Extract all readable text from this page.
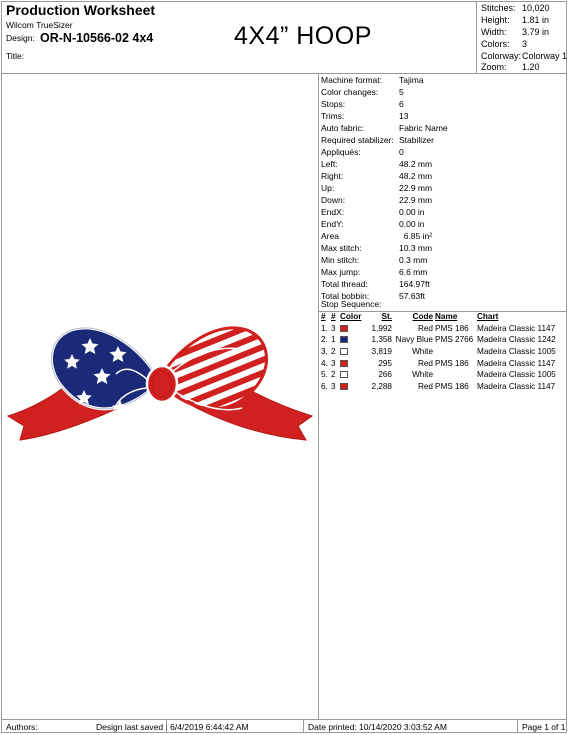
Production Worksheet
Wilcom TrueSizer
Design: OR-N-10566-02 4x4
Title:
4X4” HOOP
Stitches: 10,020
Height: 1.81 in
Width: 3.79 in
Colors: 3
Colorway: Colorway 1
Zoom: 1.20
Machine format: Tajima
Color changes: 5
Stops:	6
Trims:	13
Auto fabric:	Fabric Name
Required stabilizer: Stabilizer
Appliqués:	0
Left:	48.2 mm
Right:	48.2 mm
Up:	22.9 mm
Down:	22.9 mm
EndX:	0.00 in
EndY:	0.00 in
Area	6.85 in²
Max stitch:	10.3 mm
Min stitch:	0.3 mm
Max jump:	6.6 mm
Total thread:	164.97ft
Total bobbin:	57.63ft
Stop Sequence:
#	#	Color	St.	Code	Name	Chart
1.	3		1,992	Red	PMS 186	Madeira Classic 1147
2.	1		1,358	Navy Blue	PMS 2766	Madeira Classic 1242
3.	2		3,819	White		Madeira Classic 1005
4.	3		295	Red	PMS 186	Madeira Classic 1147
5.	2		266	White		Madeira Classic 1005
6.	3		2,288	Red	PMS 186	Madeira Classic 1147
Authors:	Design last saved : 6/4/2019 6:44:42 AM	Date printed: 10/14/2020 3:03:52 AM	Page 1 of 1
